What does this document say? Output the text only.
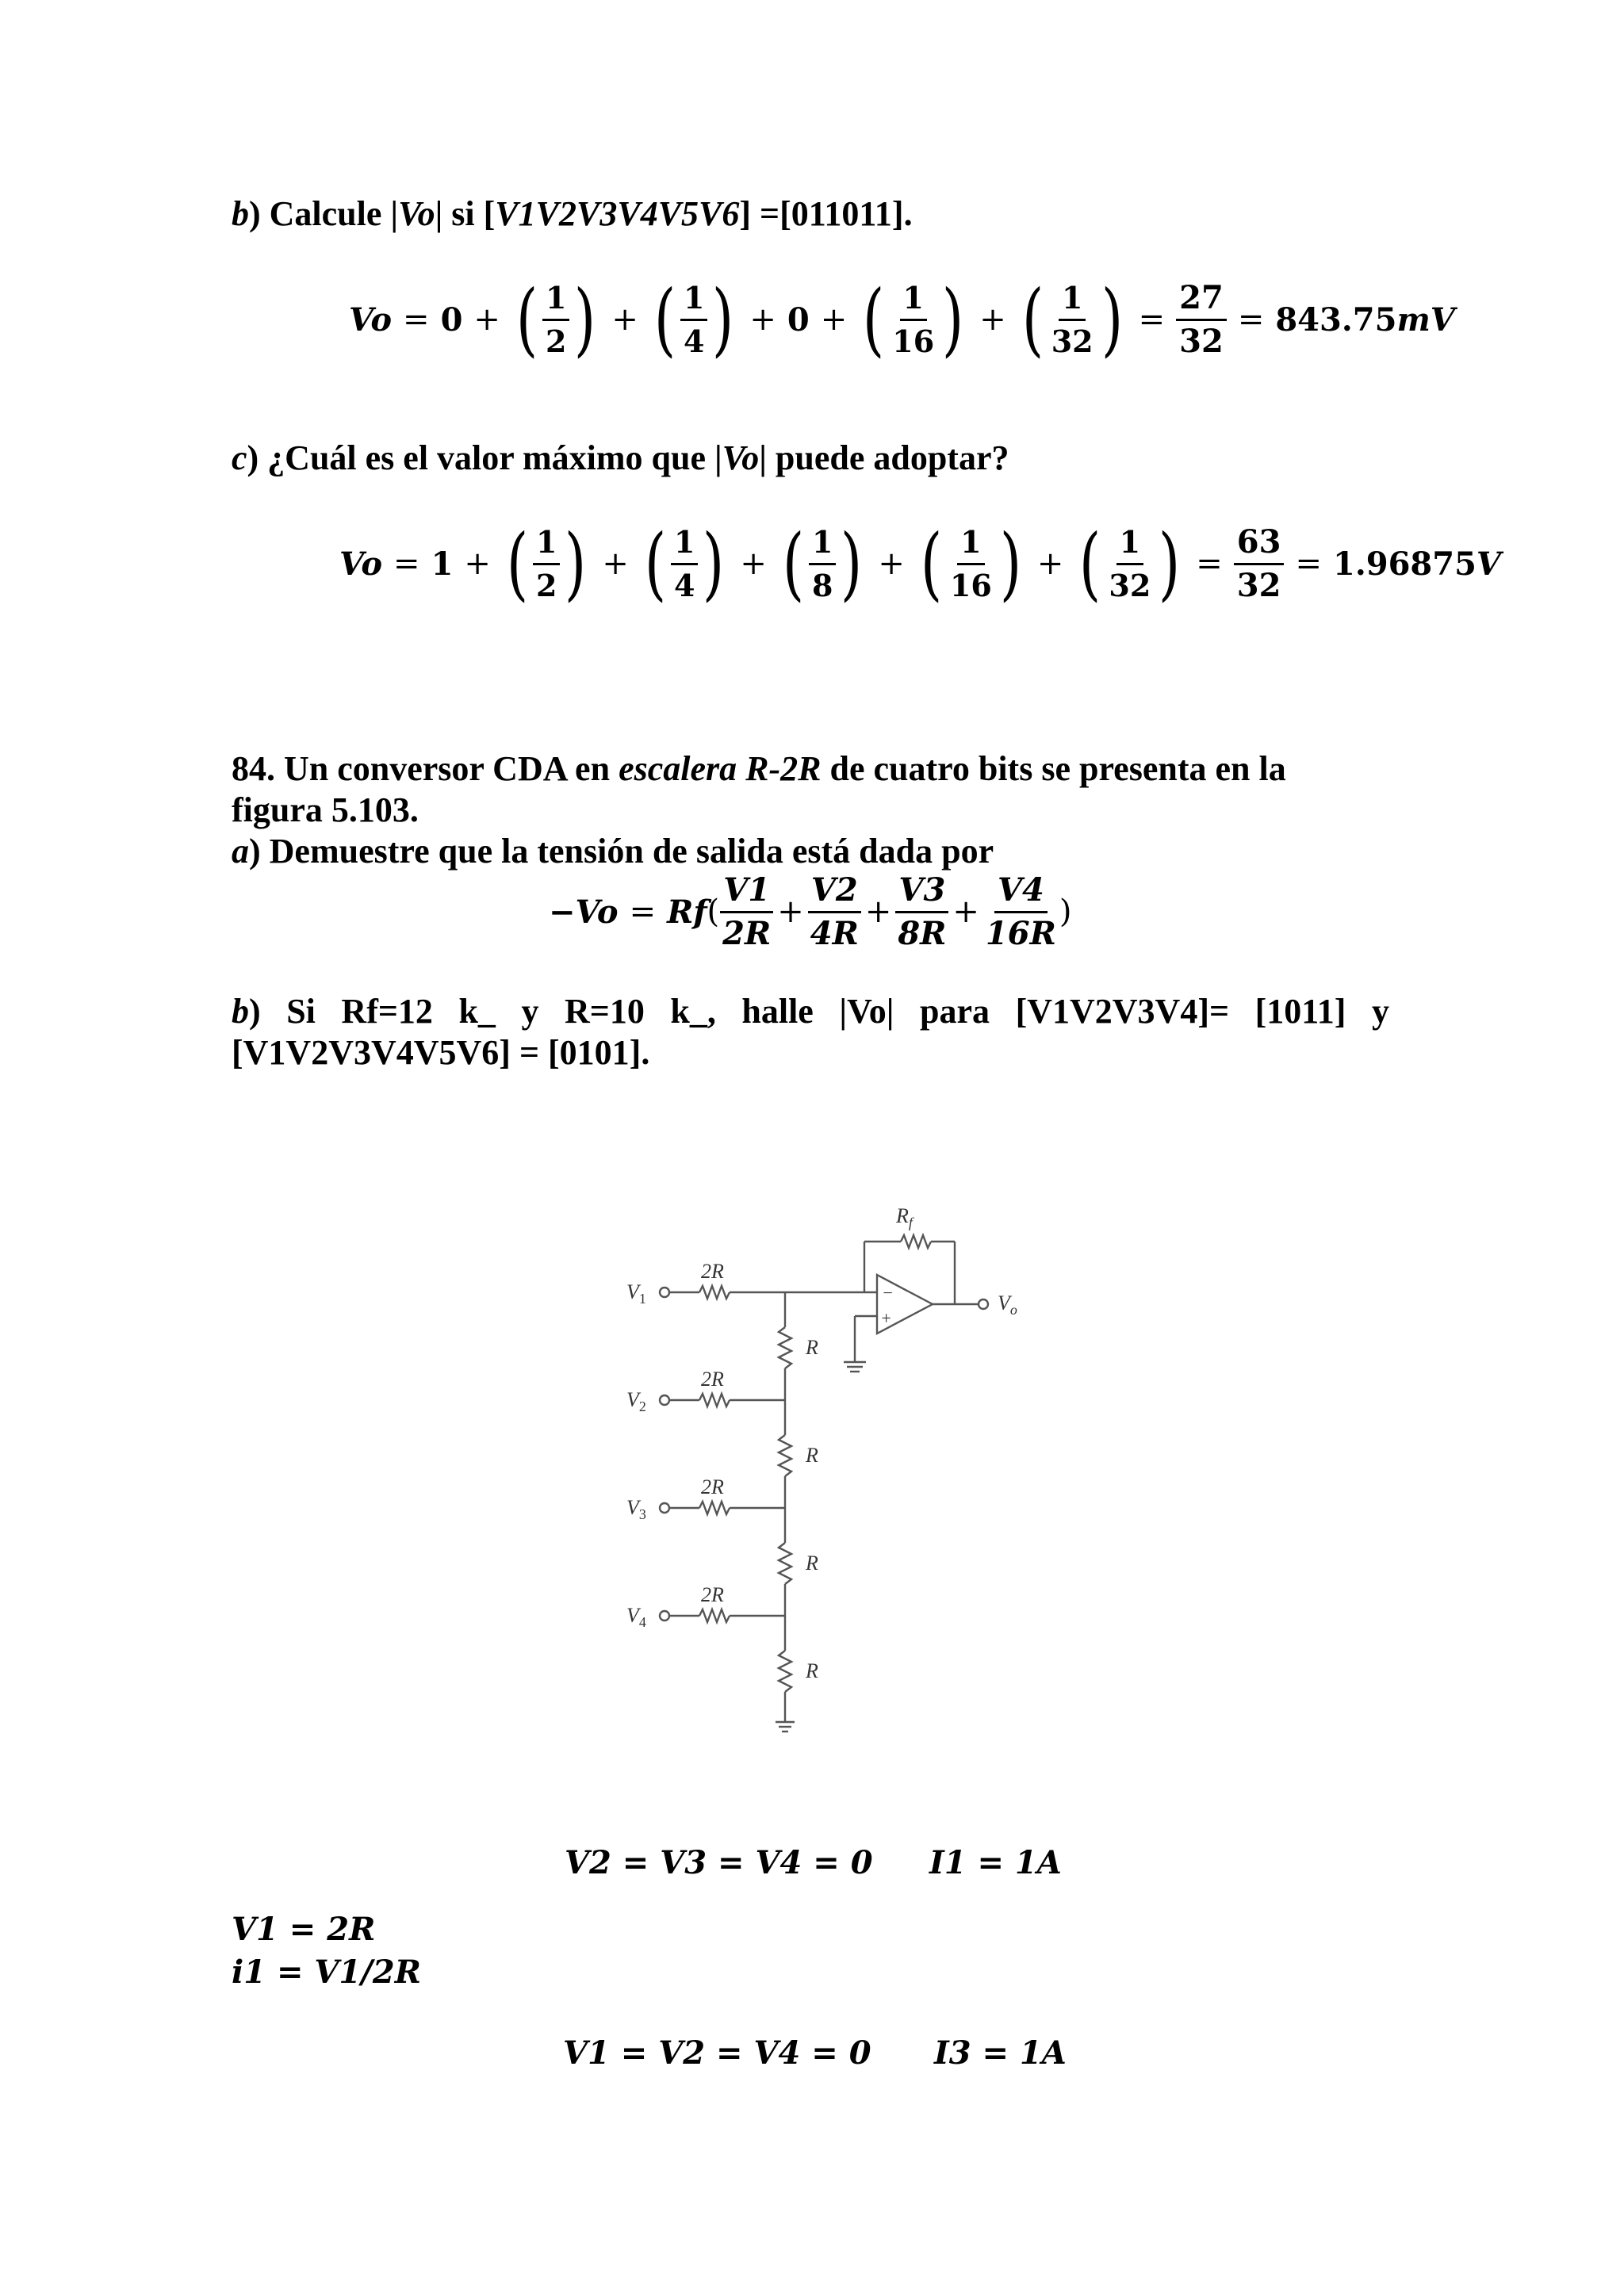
b) Calcule |Vo| si [V1V2V3V4V5V6] =[011011].
Vo = 0 + ( $\frac{1}{2}$ ) + ( $\frac{1}{4}$ ) + 0 + ( $\frac{1}{16}$ ) + ( $\frac{1}{32}$ ) = $\frac{27}{32} = 843.75$ mV
c) ¿Cuál es el valor máximo que |Vo| puede adoptar?
Vo = 1 + ( $\frac{1}{2}$ ) + ( $\frac{1}{4}$ ) + ( $\frac{1}{8}$ ) + ( $\frac{1}{16}$ ) + ( $\frac{1}{32}$ ) = $\frac{63}{32} = 1.96875$ V
84. Un conversor CDA en escalera R-2R de cuatro bits se presenta en la
figura 5.103.
a) Demuestre que la tensión de salida está dada por
−Vo = Rf ( $\frac{V1}{2R} + \frac{V2}{4R} + \frac{V3}{8R} + \frac{V4}{16R}$ )
b) Si Rf=12 k_ y R=10 k_, halle |Vo| para [V1V2V3V4]= [1011] y
[V1V2V3V4V5V6] = [0101].
2R
2R
2R
2R
$V_1$
$V_2$
$V_3$
$V_4$
R
R
R
R
$R_f$
$V_o$
−
+
V2 = V3 = V4 = 0 I1 = 1A
V1 = 2R
i1 = V1/2R
V1 = V2 = V4 = 0 I3 = 1A
